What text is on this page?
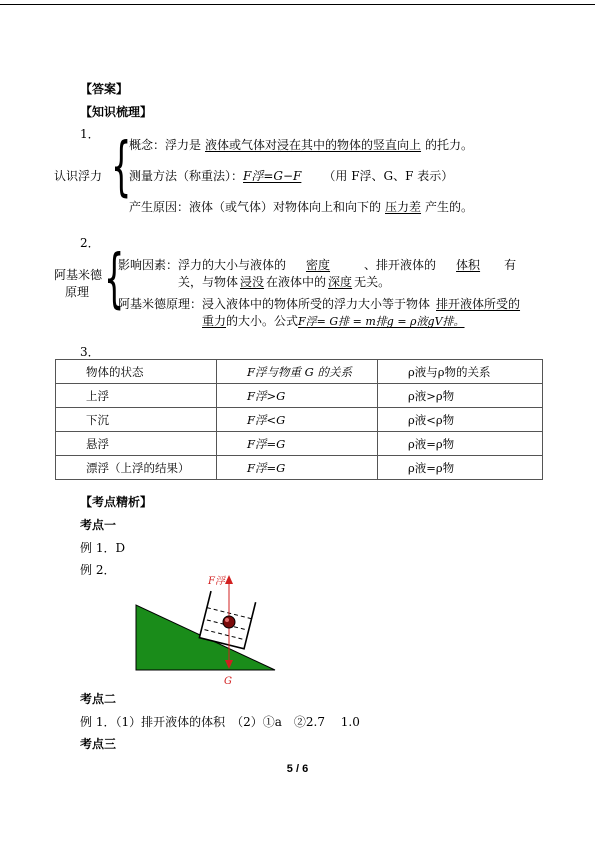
【答案】
【知识梳理】
1．
认识浮力 {
概念：浮力是 液体或气体对浸在其中的物体的竖直向上 的托力。
测量方法（称重法）：F浮=G−F （用 F浮、G、F 表示）
产生原因：液体（或气体）对物体向上和向下的 压力差 产生的。
2．
阿基米德
原理 {
影响因素：浮力的大小与液体的 密度	、排开液体的 体积 有
关，与物体 浸没 在液体中的 深度 无关。
阿基米德原理：浸入液体中的物体所受的浮力大小等于物体 排开液体所受的
重力的大小。公式F浮= G排 = m排g = ρ液gV排。
3．
物体的状态	F浮与物重 G 的关系	ρ液与ρ物的关系
上浮	F浮>G	ρ液>ρ物
下沉	F浮<G	ρ液<ρ物
悬浮	F浮=G	ρ液=ρ物
漂浮（上浮的结果）	F浮=G	ρ液=ρ物
【考点精析】
考点一
例 1．D
例 2．
F浮
G
考点二
例 1．（1）排开液体的体积　（2）①a　②2.7　 1.0
考点三
5 / 6
